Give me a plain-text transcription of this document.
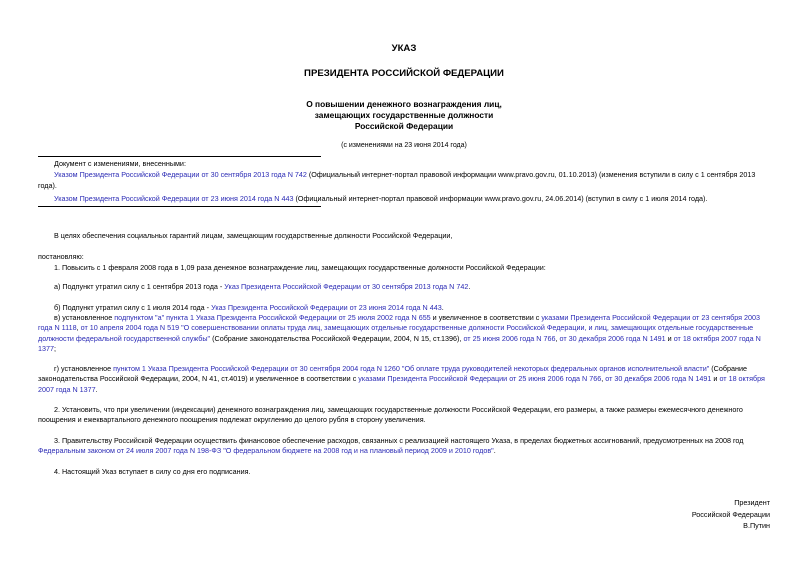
УКАЗ
ПРЕЗИДЕНТА РОССИЙСКОЙ ФЕДЕРАЦИИ
О повышении денежного вознаграждения лиц,
замещающих государственные должности
Российской Федерации
(с изменениями на 23 июня 2014 года)

Документ с изменениями, внесенными:

Указом Президента Российской Федерации от 30 сентября 2013 года N 742 (Официальный интернет-портал правовой информации www.pravo.gov.ru, 01.10.2013) (изменения вступили в силу с 1 сентября 2013 года).

Указом Президента Российской Федерации от 23 июня 2014 года N 443 (Официальный интернет-портал правовой информации www.pravo.gov.ru, 24.06.2014) (вступил в силу с 1 июля 2014 года).

В целях обеспечения социальных гарантий лицам, замещающим государственные должности Российской Федерации,

постановляю:

1. Повысить с 1 февраля 2008 года в 1,09 раза денежное вознаграждение лиц, замещающих государственные должности Российской Федерации:

а) Подпункт утратил силу с 1 сентября 2013 года - Указ Президента Российской Федерации от 30 сентября 2013 года N 742.

б) Подпункт утратил силу с 1 июля 2014 года - Указ Президента Российской Федерации от 23 июня 2014 года N 443.

в) установленное подпунктом "а" пункта 1 Указа Президента Российской Федерации от 25 июля 2002 года N 655 и увеличенное в соответствии с указами Президента Российской Федерации от 23 сентября 2003 года N 1118, от 10 апреля 2004 года N 519 "О совершенствовании оплаты труда лиц, замещающих отдельные государственные должности Российской Федерации, и лиц, замещающих отдельные государственные должности федеральной государственной службы" (Собрание законодательства Российской Федерации, 2004, N 15, ст.1396), от 25 июня 2006 года N 766, от 30 декабря 2006 года N 1491 и от 18 октября 2007 года N 1377;

г) установленное пунктом 1 Указа Президента Российской Федерации от 30 сентября 2004 года N 1260 "Об оплате труда руководителей некоторых федеральных органов исполнительной власти" (Собрание законодательства Российской Федерации, 2004, N 41, ст.4019) и увеличенное в соответствии с указами Президента Российской Федерации от 25 июня 2006 года N 766, от 30 декабря 2006 года N 1491 и от 18 октября 2007 года N 1377.

2. Установить, что при увеличении (индексации) денежного вознаграждения лиц, замещающих государственные должности Российской Федерации, его размеры, а также размеры ежемесячного денежного поощрения и ежеквартального денежного поощрения подлежат округлению до целого рубля в сторону увеличения.

3. Правительству Российской Федерации осуществить финансовое обеспечение расходов, связанных с реализацией настоящего Указа, в пределах бюджетных ассигнований, предусмотренных на 2008 год Федеральным законом от 24 июля 2007 года N 198-ФЗ "О федеральном бюджете на 2008 год и на плановый период 2009 и 2010 годов".

4. Настоящий Указ вступает в силу со дня его подписания.

Президент
Российской Федерации
В.Путин
